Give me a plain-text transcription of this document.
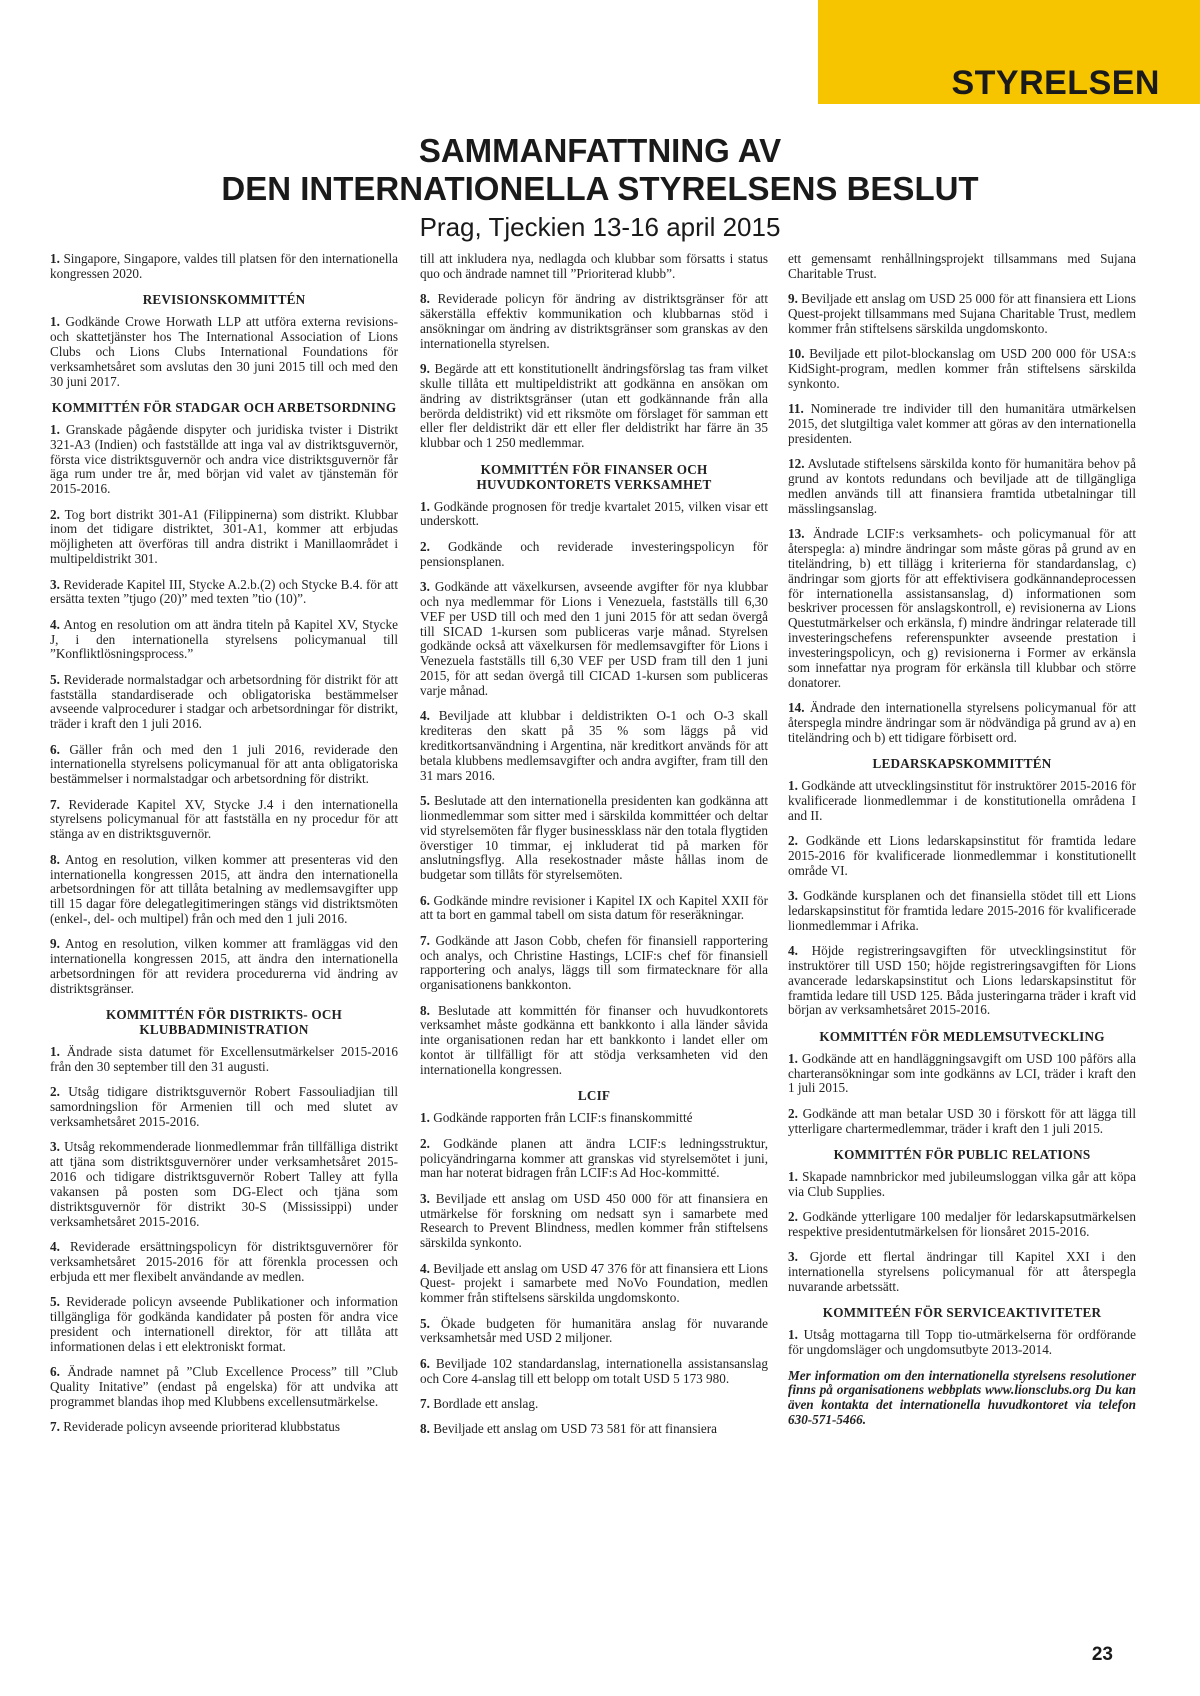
STYRELSEN
SAMMANFATTNING AV
DEN INTERNATIONELLA STYRELSENS BESLUT
Prag, Tjeckien 13-16 april 2015

1. Singapore, Singapore, valdes till platsen för den internationella kongressen 2020.

REVISIONSKOMMITTÉN

1. Godkände Crowe Horwath LLP att utföra externa revisions- och skattetjänster hos The International Association of Lions Clubs och Lions Clubs International Foundations för verksamhetsåret som avslutas den 30 juni 2015 till och med den 30 juni 2017.

KOMMITTÉN FÖR STADGAR OCH ARBETSORDNING

1. Granskade pågående dispyter och juridiska tvister i Distrikt 321-A3 (Indien) och fastställde att inga val av distriktsguvernör, första vice distriktsguvernör och andra vice distriktsguvernör får äga rum under tre år, med början vid valet av tjänstemän för 2015-2016.

2. Tog bort distrikt 301-A1 (Filippinerna) som distrikt. Klubbar inom det tidigare distriktet, 301-A1, kommer att erbjudas möjligheten att överföras till andra distrikt i Manillaområdet i multipeldistrikt 301.

3. Reviderade Kapitel III, Stycke A.2.b.(2) och Stycke B.4. för att ersätta texten ”tjugo (20)” med texten ”tio (10)”.

4. Antog en resolution om att ändra titeln på Kapitel XV, Stycke J, i den internationella styrelsens policymanual till ”Konfliktlösningsprocess.”

5. Reviderade normalstadgar och arbetsordning för distrikt för att fastställa standardiserade och obligatoriska bestämmelser avseende valprocedurer i stadgar och arbetsordningar för distrikt, träder i kraft den 1 juli 2016.

6. Gäller från och med den 1 juli 2016, reviderade den internationella styrelsens policymanual för att anta obligatoriska bestämmelser i normalstadgar och arbetsordning för distrikt.

7. Reviderade Kapitel XV, Stycke J.4 i den internationella styrelsens policymanual för att fastställa en ny procedur för att stänga av en distriktsguvernör.

8. Antog en resolution, vilken kommer att presenteras vid den internationella kongressen 2015, att ändra den internationella arbetsordningen för att tillåta betalning av medlemsavgifter upp till 15 dagar före delegatlegitimeringen stängs vid distriktsmöten (enkel-, del- och multipel) från och med den 1 juli 2016.

9. Antog en resolution, vilken kommer att framläggas vid den internationella kongressen 2015, att ändra den internationella arbetsordningen för att revidera procedurerna vid ändring av distriktsgränser.

KOMMITTÉN FÖR DISTRIKTS- OCH KLUBBADMINISTRATION

1. Ändrade sista datumet för Excellensutmärkelser 2015-2016 från den 30 september till den 31 augusti.

2. Utsåg tidigare distriktsguvernör Robert Fassouliadjian till samordningslion för Armenien till och med slutet av verksamhetsåret 2015-2016.

3. Utsåg rekommenderade lionmedlemmar från tillfälliga distrikt att tjäna som distriktsguvernörer under verksamhetsåret 2015-2016 och tidigare distriktsguvernör Robert Talley att fylla vakansen på posten som DG-Elect och tjäna som distriktsguvernör för distrikt 30-S (Mississippi) under verksamhetsåret 2015-2016.

4. Reviderade ersättningspolicyn för distriktsguvernörer för verksamhetsåret 2015-2016 för att förenkla processen och erbjuda ett mer flexibelt användande av medlen.

5. Reviderade policyn avseende Publikationer och information tillgängliga för godkända kandidater på posten för andra vice president och internationell direktor, för att tillåta att informationen delas i ett elektroniskt format.

6. Ändrade namnet på ”Club Excellence Process” till ”Club Quality Initative” (endast på engelska) för att undvika att programmet blandas ihop med Klubbens excellensutmärkelse.

7. Reviderade policyn avseende prioriterad klubbstatus

till att inkludera nya, nedlagda och klubbar som försatts i status quo och ändrade namnet till ”Prioriterad klubb”.

8. Reviderade policyn för ändring av distriktsgränser för att säkerställa effektiv kommunikation och klubbarnas stöd i ansökningar om ändring av distriktsgränser som granskas av den internationella styrelsen.

9. Begärde att ett konstitutionellt ändringsförslag tas fram vilket skulle tillåta ett multipeldistrikt att godkänna en ansökan om ändring av distriktsgränser (utan ett godkännande från alla berörda deldistrikt) vid ett riksmöte om förslaget för samman ett eller fler deldistrikt där ett eller fler deldistrikt har färre än 35 klubbar och 1 250 medlemmar.

KOMMITTÉN FÖR FINANSER OCH HUVUDKONTORETS VERKSAMHET

1. Godkände prognosen för tredje kvartalet 2015, vilken visar ett underskott.

2. Godkände och reviderade investeringspolicyn för pensionsplanen.

3. Godkände att växelkursen, avseende avgifter för nya klubbar och nya medlemmar för Lions i Venezuela, fastställs till 6,30 VEF per USD till och med den 1 juni 2015 för att sedan övergå till SICAD 1-kursen som publiceras varje månad. Styrelsen godkände också att växelkursen för medlemsavgifter för Lions i Venezuela fastställs till 6,30 VEF per USD fram till den 1 juni 2015, för att sedan övergå till CICAD 1-kursen som publiceras varje månad.

4. Beviljade att klubbar i deldistrikten O-1 och O-3 skall krediteras den skatt på 35 % som läggs på vid kreditkortsanvändning i Argentina, när kreditkort används för att betala klubbens medlemsavgifter och andra avgifter, fram till den 31 mars 2016.

5. Beslutade att den internationella presidenten kan godkänna att lionmedlemmar som sitter med i särskilda kommittéer och deltar vid styrelsemöten får flyger businessklass när den totala flygtiden överstiger 10 timmar, ej inkluderat tid på marken för anslutningsflyg. Alla resekostnader måste hållas inom de budgetar som tillåts för styrelsemöten.

6. Godkände mindre revisioner i Kapitel IX och Kapitel XXII för att ta bort en gammal tabell om sista datum för reseräkningar.

7. Godkände att Jason Cobb, chefen för finansiell rapportering och analys, och Christine Hastings, LCIF:s chef för finansiell rapportering och analys, läggs till som firmatecknare för alla organisationens bankkonton.

8. Beslutade att kommittén för finanser och huvudkontorets verksamhet måste godkänna ett bankkonto i alla länder såvida inte organisationen redan har ett bankkonto i landet eller om kontot är tillfälligt för att stödja verksamheten vid den internationella kongressen.

LCIF

1. Godkände rapporten från LCIF:s finanskommitté

2. Godkände planen att ändra LCIF:s ledningsstruktur, policyändringarna kommer att granskas vid styrelsemötet i juni, man har noterat bidragen från LCIF:s Ad Hoc-kommitté.

3. Beviljade ett anslag om USD 450 000 för att finansiera en utmärkelse för forskning om nedsatt syn i samarbete med Research to Prevent Blindness, medlen kommer från stiftelsens särskilda synkonto.

4. Beviljade ett anslag om USD 47 376 för att finansiera ett Lions Quest- projekt i samarbete med NoVo Foundation, medlen kommer från stiftelsens särskilda ungdomskonto.

5. Ökade budgeten för humanitära anslag för nuvarande verksamhetsår med USD 2 miljoner.

6. Beviljade 102 standardanslag, internationella assistansanslag och Core 4-anslag till ett belopp om totalt USD 5 173 980.

7. Bordlade ett anslag.

8. Beviljade ett anslag om USD 73 581 för att finansiera

ett gemensamt renhållningsprojekt tillsammans med Sujana Charitable Trust.

9. Beviljade ett anslag om USD 25 000 för att finansiera ett Lions Quest-projekt tillsammans med Sujana Charitable Trust, medlem kommer från stiftelsens särskilda ungdomskonto.

10. Beviljade ett pilot-blockanslag om USD 200 000 för USA:s KidSight-program, medlen kommer från stiftelsens särskilda synkonto.

11. Nominerade tre individer till den humanitära utmärkelsen 2015, det slutgiltiga valet kommer att göras av den internationella presidenten.

12. Avslutade stiftelsens särskilda konto för humanitära behov på grund av kontots redundans och beviljade att de tillgängliga medlen används till att finansiera framtida utbetalningar till mässlingsanslag.

13. Ändrade LCIF:s verksamhets- och policymanual för att återspegla: a) mindre ändringar som måste göras på grund av en titeländring, b) ett tillägg i kriterierna för standardanslag, c) ändringar som gjorts för att effektivisera godkännandeprocessen för internationella assistansanslag, d) informationen som beskriver processen för anslagskontroll, e) revisionerna av Lions Questutmärkelser och erkänsla, f) mindre ändringar relaterade till investeringschefens referenspunkter avseende prestation i investeringspolicyn, och g) revisionerna i Former av erkänsla som innefattar nya program för erkänsla till klubbar och större donatorer.

14. Ändrade den internationella styrelsens policymanual för att återspegla mindre ändringar som är nödvändiga på grund av a) en titeländring och b) ett tidigare förbisett ord.

LEDARSKAPSKOMMITTÉN

1. Godkände att utvecklingsinstitut för instruktörer 2015-2016 för kvalificerade lionmedlemmar i de konstitutionella områdena I and II.

2. Godkände ett Lions ledarskapsinstitut för framtida ledare 2015-2016 för kvalificerade lionmedlemmar i konstitutionellt område VI.

3. Godkände kursplanen och det finansiella stödet till ett Lions ledarskapsinstitut för framtida ledare 2015-2016 för kvalificerade lionmedlemmar i Afrika.

4. Höjde registreringsavgiften för utvecklingsinstitut för instruktörer till USD 150; höjde registreringsavgiften för Lions avancerade ledarskapsinstitut och Lions ledarskapsinstitut för framtida ledare till USD 125. Båda justeringarna träder i kraft vid början av verksamhetsåret 2015-2016.

KOMMITTÉN FÖR MEDLEMSUTVECKLING

1. Godkände att en handläggningsavgift om USD 100 påförs alla charteransökningar som inte godkänns av LCI, träder i kraft den 1 juli 2015.

2. Godkände att man betalar USD 30 i förskott för att lägga till ytterligare chartermedlemmar, träder i kraft den 1 juli 2015.

KOMMITTÉN FÖR PUBLIC RELATIONS

1. Skapade namnbrickor med jubileumsloggan vilka går att köpa via Club Supplies.

2. Godkände ytterligare 100 medaljer för ledarskapsutmärkelsen respektive presidentutmärkelsen för lionsåret 2015-2016.

3. Gjorde ett flertal ändringar till Kapitel XXI i den internationella styrelsens policymanual för att återspegla nuvarande arbetssätt.

KOMMITEÉN FÖR SERVICEAKTIVITETER

1. Utsåg mottagarna till Topp tio-utmärkelserna för ordförande för ungdomsläger och ungdomsutbyte 2013-2014.

Mer information om den internationella styrelsens resolutioner finns på organisationens webbplats www.lionsclubs.org Du kan även kontakta det internationella huvudkontoret via telefon 630-571-5466.

23
